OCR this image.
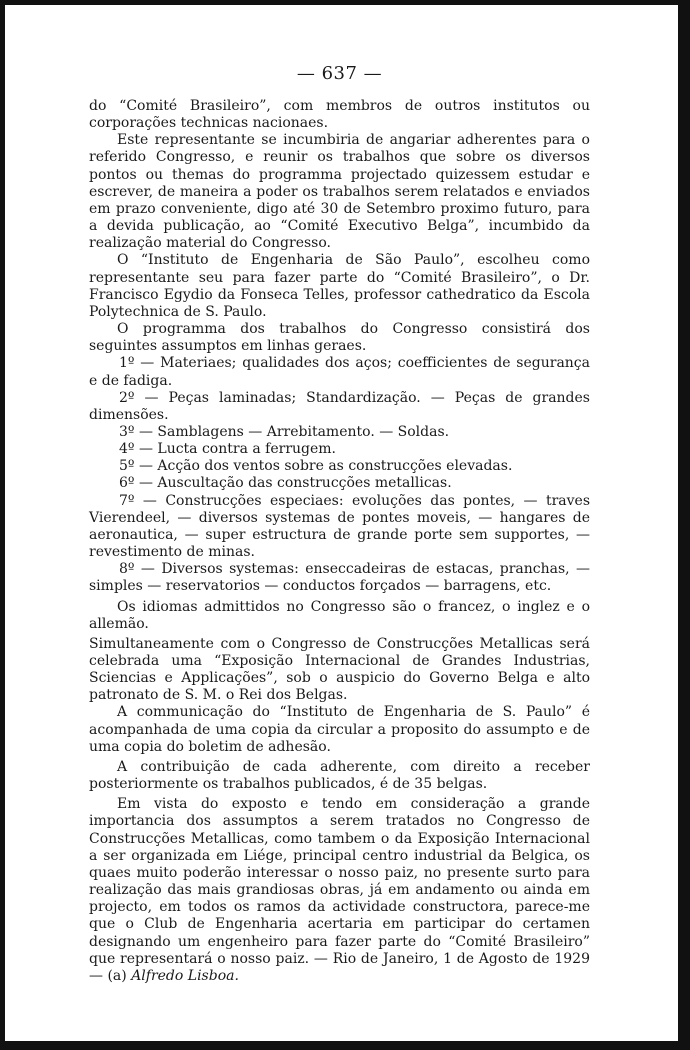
— 637 —

do “Comité Brasileiro”, com membros de outros institutos ou corporações technicas nacionaes.

Este representante se incumbiria de angariar adherentes para o referido Congresso, e reunir os trabalhos que sobre os diversos pontos ou themas do programma projectado quizessem estudar e escrever, de maneira a poder os trabalhos serem relatados e enviados em prazo conveniente, digo até 30 de Setembro proximo futuro, para a devida publicação, ao “Comité Executivo Belga”, incumbido da realização material do Congresso.

O “Instituto de Engenharia de São Paulo”, escolheu como representante seu para fazer parte do “Comité Brasileiro”, o Dr. Francisco Egydio da Fonseca Telles, professor cathedratico da Escola Polytechnica de S. Paulo.

O programma dos trabalhos do Congresso consistirá dos seguintes assumptos em linhas geraes.

1º — Materiaes; qualidades dos aços; coefficientes de segurança e de fadiga.

2º — Peças laminadas; Standardização. — Peças de grandes dimensões.

3º — Samblagens — Arrebitamento. — Soldas.

4º — Lucta contra a ferrugem.

5º — Acção dos ventos sobre as construcções elevadas.

6º — Auscultação das construcções metallicas.

7º — Construcções especiaes: evoluções das pontes, — traves Vierendeel, — diversos systemas de pontes moveis, — hangares de aeronautica, — super estructura de grande porte sem supportes, — revestimento de minas.

8º — Diversos systemas: enseccadeiras de estacas, pranchas, — simples — reservatorios — conductos forçados — barragens, etc.

Os idiomas admittidos no Congresso são o francez, o inglez e o allemão.

Simultaneamente com o Congresso de Construcções Metallicas será celebrada uma “Exposição Internacional de Grandes Industrias, Sciencias e Applicações”, sob o auspicio do Governo Belga e alto patronato de S. M. o Rei dos Belgas.

A communicação do “Instituto de Engenharia de S. Paulo” é acompanhada de uma copia da circular a proposito do assumpto e de uma copia do boletim de adhesão.

A contribuição de cada adherente, com direito a receber posteriormente os trabalhos publicados, é de 35 belgas.

Em vista do exposto e tendo em consideração a grande importancia dos assumptos a serem tratados no Congresso de Construcções Metallicas, como tambem o da Exposição Internacional a ser organizada em Liége, principal centro industrial da Belgica, os quaes muito poderão interessar o nosso paiz, no presente surto para realização das mais grandiosas obras, já em andamento ou ainda em projecto, em todos os ramos da actividade constructora, parece-me que o Club de Engenharia acertaria em participar do certamen designando um engenheiro para fazer parte do “Comité Brasileiro” que representará o nosso paiz. — Rio de Janeiro, 1 de Agosto de 1929 — (a) Alfredo Lisboa.
